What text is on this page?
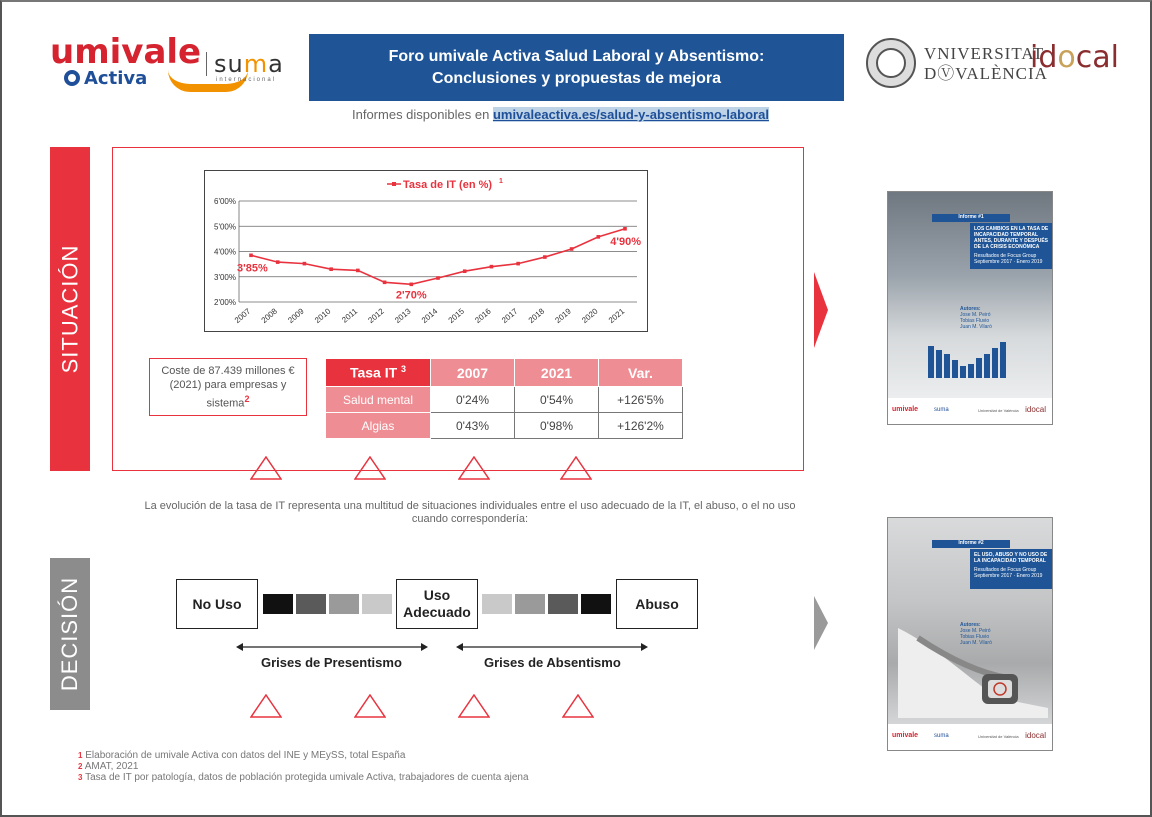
umivale
Activa
suma
internacional
Foro umivale Activa Salud Laboral y Absentismo:
Conclusiones y propuestas de mejora
VNIVERSITAT
DⓋVALÈNCIA
idocal
Informes disponibles en umivaleactiva.es/salud-y-absentismo-laboral
SITUACIÓN
DECISIÓN
2'00%
3'00%
4'00%
5'00%
6'00%
2007 2008 2009 2010 2011 2012 2013 2014 2015 2016 2017 2018 2019 2020 2021
Tasa de IT (en %) 1
3'85%
2'70%
4'90%
Coste de 87.439 millones €
(2021) para empresas y
sistema$^2$
Tasa IT $^3$	2007	2021	Var.
Salud mental	0'24%	0'54%	+126'5%
Algias	0'43%	0'98%	+126'2%
La evolución de la tasa de IT representa una multitud de situaciones individuales entre el uso adecuado de la IT, el abuso, o el no uso
cuando correspondería:
No Uso
Uso
Adecuado
Abuso
Grises de Presentismo	Grises de Absentismo
Informe #1
LOS CAMBIOS EN LA TASA DE INCAPACIDAD TEMPORAL ANTES, DURANTE Y DESPUÉS DE LA CRISIS ECONÓMICA
Resultados de Focus Group Septiembre 2017 · Enero 2019
Autores:
Jose M. Peiró
Tobias Fluvio
Juan M. Vilaró
umivale	suma	Universitat de València idocal
Informe #2
EL USO, ABUSO Y NO USO DE LA INCAPACIDAD TEMPORAL
Resultados de Focus Group Septiembre 2017 · Enero 2019
Autores:
Jose M. Peiró
Tobias Fluvio
Juan M. Vilaró
umivale	suma	Universitat de València idocal
1 Elaboración de umivale Activa con datos del INE y MEySS, total España
2 AMAT, 2021
3 Tasa de IT por patología, datos de población protegida umivale Activa, trabajadores de cuenta ajena
